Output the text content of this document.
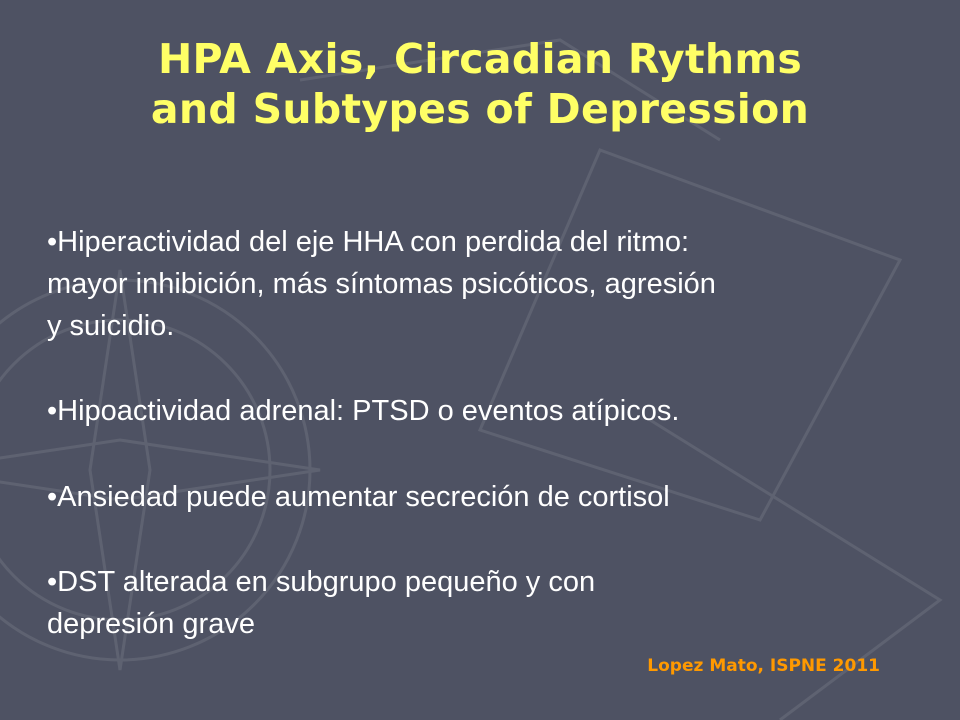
HPA Axis, Circadian Rythms
and Subtypes of Depression
•Hiperactividad del eje HHA con perdida del ritmo:
mayor inhibición, más síntomas psicóticos, agresión
y suicidio.
•Hipoactividad adrenal: PTSD o eventos atípicos.
•Ansiedad puede aumentar secreción de cortisol
•DST alterada en subgrupo pequeño y con
depresión grave
Lopez Mato, ISPNE 2011
